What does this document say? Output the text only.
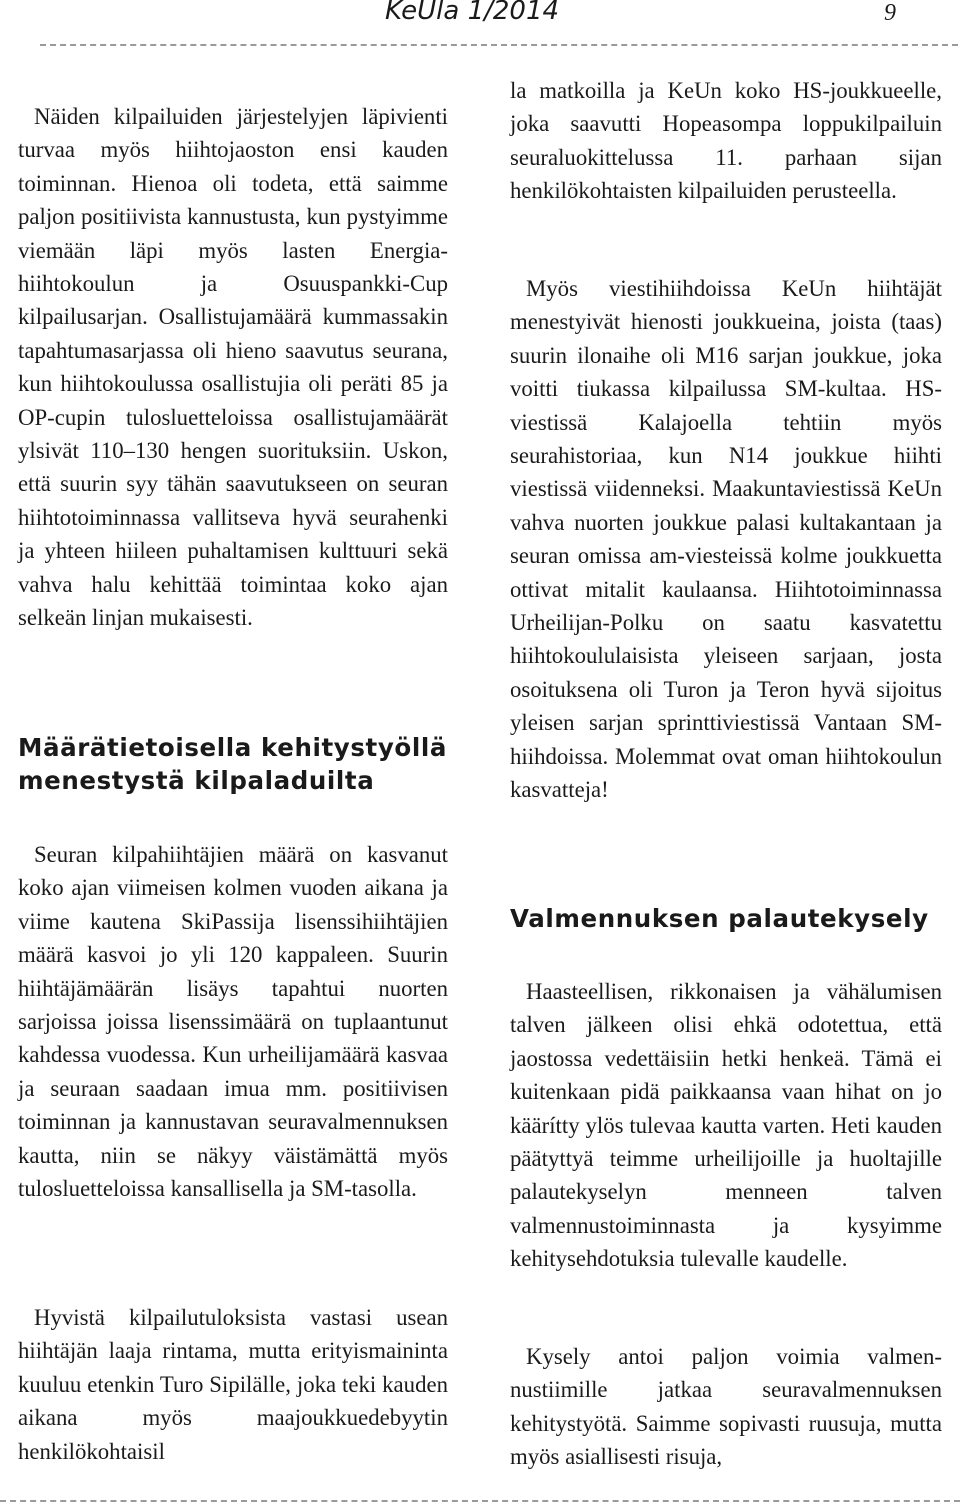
KeUla 1/2014	9

Näiden kilpailuiden järjestelyjen läpivienti turvaa myös hiihtojaoston ensi kauden toiminnan. Hienoa oli todeta, että saimme paljon positiivista kannustusta, kun pystyimme viemään läpi myös lasten Energia-hiihtokoulun ja Osuuspankki-Cup kilpailusarjan. Osallistujamäärä kummassakin tapahtumasarjassa oli hieno saavutus seurana, kun hiihtokoulussa osallistujia oli peräti 85 ja OP-cupin tulosluetteloissa osallistujamäärät ylsivät 110–130 hengen suorituksiin. Uskon, että suurin syy tähän saavutukseen on seuran hiihtotoiminnassa vallitseva hyvä seurahenki ja yhteen hiileen puhaltamisen kulttuuri sekä vahva halu kehittää toimintaa koko ajan selkeän linjan mukaisesti.

Määrätietoisella kehitystyöllä menestystä kilpaladuilta

Seuran kilpahiihtäjien määrä on kasvanut koko ajan viimeisen kolmen vuoden aikana ja viime kautena SkiPassija lisenssihiihtäjien määrä kasvoi jo yli 120 kappaleen. Suurin hiihtäjämäärän lisäys tapahtui nuorten sarjoissa joissa lisenssimäärä on tuplaantunut kahdessa vuodessa. Kun urheilijamäärä kasvaa ja seuraan saadaan imua mm. positiivisen toiminnan ja kannustavan seuravalmennuksen kautta, niin se näkyy väistämättä myös tulosluetteloissa kansallisella ja SM-tasolla.

Hyvistä kilpailutuloksista vastasi usean hiihtäjän laaja rintama, mutta erityismaininta kuuluu etenkin Turo Sipilälle, joka teki kauden aikana myös maajoukkuedebyytin henkilökohtaisil

la matkoilla ja KeUn koko HS-joukkueelle, joka saavutti Hopeasompa loppukilpailuin seuraluokittelussa 11. parhaan sijan henkilökohtaisten kilpailuiden perusteella.

Myös viestihiihdoissa KeUn hiihtäjät menestyivät hienosti joukkueina, joista (taas) suurin ilonaihe oli M16 sarjan joukkue, joka voitti tiukassa kilpailussa SM-kultaa. HS-viestissä Kalajoella tehtiin myös seurahistoriaa, kun N14 joukkue hiihti viestissä viidenneksi. Maakuntaviestissä KeUn vahva nuorten joukkue palasi kultakantaan ja seuran omissa am-viesteissä kolme joukkuetta ottivat mitalit kaulaansa. Hiihtotoiminnassa Urheilijan-Polku on saatu kasvatettu hiihtokoululaisista yleiseen sarjaan, josta osoituksena oli Turon ja Teron hyvä sijoitus yleisen sarjan sprinttiviestissä Vantaan SM-hiihdoissa. Molemmat ovat oman hiihtokoulun kasvatteja!

Valmennuksen palautekysely

Haasteellisen, rikkonaisen ja vähälumisen talven jälkeen olisi ehkä odotettua, että jaostossa vedettäisiin hetki henkeä. Tämä ei kuitenkaan pidä paikkaansa vaan hihat on jo käärítty ylös tulevaa kautta varten. Heti kauden päätyttyä teimme urheilijoille ja huoltajille palautekyselyn menneen talven valmennustoiminnasta ja kysyimme kehitysehdotuksia tulevalle kaudelle.

Kysely antoi paljon voimia valmennustiimille jatkaa seuravalmennuksen kehitystyötä. Saimme sopivasti ruusuja, mutta myös asiallisesti risuja,
